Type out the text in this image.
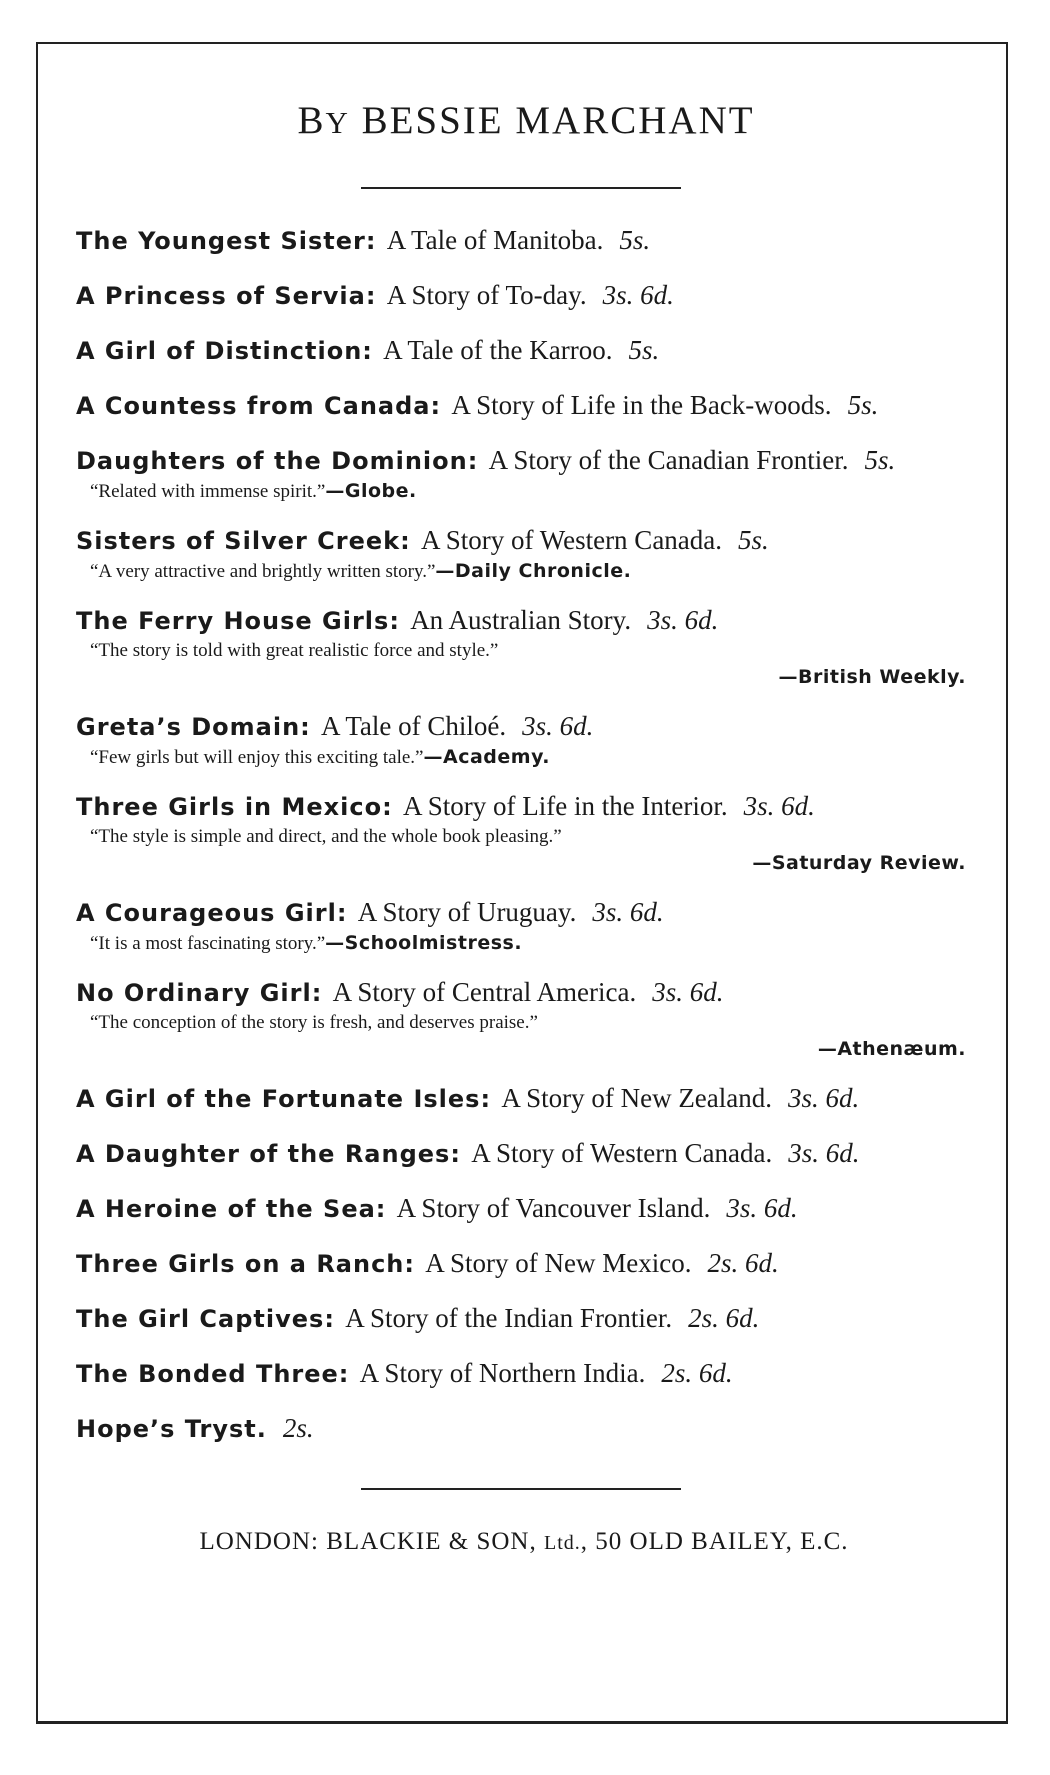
BY BESSIE MARCHANT
The Youngest Sister: A Tale of Manitoba. 5s.
A Princess of Servia: A Story of To-day. 3s. 6d.
A Girl of Distinction: A Tale of the Karroo. 5s.
A Countess from Canada: A Story of Life in the Back-woods. 5s.
Daughters of the Dominion: A Story of the Canadian Frontier. 5s.
“Related with immense spirit.”—Globe.
Sisters of Silver Creek: A Story of Western Canada. 5s.
“A very attractive and brightly written story.”—Daily Chronicle.
The Ferry House Girls: An Australian Story. 3s. 6d.
“The story is told with great realistic force and style.”
—British Weekly.
Greta’s Domain: A Tale of Chiloé. 3s. 6d.
“Few girls but will enjoy this exciting tale.”—Academy.
Three Girls in Mexico: A Story of Life in the Interior. 3s. 6d.
“The style is simple and direct, and the whole book pleasing.”
—Saturday Review.
A Courageous Girl: A Story of Uruguay. 3s. 6d.
“It is a most fascinating story.”—Schoolmistress.
No Ordinary Girl: A Story of Central America. 3s. 6d.
“The conception of the story is fresh, and deserves praise.”
—Athenæum.
A Girl of the Fortunate Isles: A Story of New Zealand. 3s. 6d.
A Daughter of the Ranges: A Story of Western Canada. 3s. 6d.
A Heroine of the Sea: A Story of Vancouver Island. 3s. 6d.
Three Girls on a Ranch: A Story of New Mexico. 2s. 6d.
The Girl Captives: A Story of the Indian Frontier. 2s. 6d.
The Bonded Three: A Story of Northern India. 2s. 6d.
Hope’s Tryst. 2s.
LONDON: BLACKIE & SON, Ltd., 50 OLD BAILEY, E.C.
